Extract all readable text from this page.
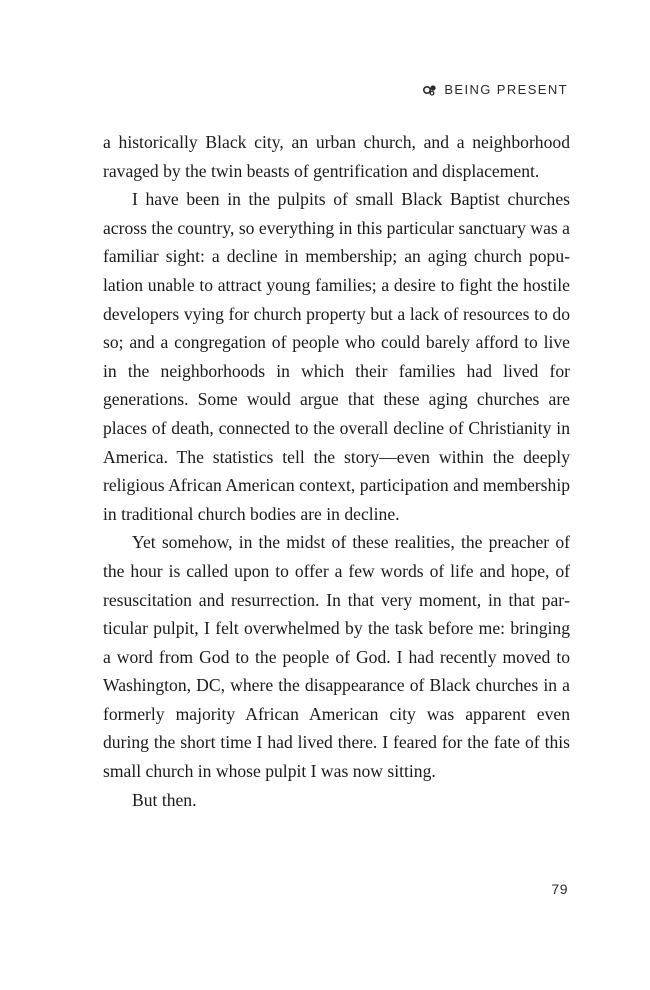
BEING PRESENT

a historically Black city, an urban church, and a neighborhood ravaged by the twin beasts of gentrification and displacement.

I have been in the pulpits of small Black Baptist churches across the country, so everything in this particular sanctuary was a familiar sight: a decline in membership; an aging church population unable to attract young families; a desire to fight the hostile developers vying for church property but a lack of resources to do so; and a congregation of people who could barely afford to live in the neighborhoods in which their families had lived for generations. Some would argue that these aging churches are places of death, connected to the overall decline of Christianity in America. The statistics tell the story—even within the deeply religious African American context, participation and membership in traditional church bodies are in decline.

Yet somehow, in the midst of these realities, the preacher of the hour is called upon to offer a few words of life and hope, of resuscitation and resurrection. In that very moment, in that particular pulpit, I felt overwhelmed by the task before me: bringing a word from God to the people of God. I had recently moved to Washington, DC, where the disappearance of Black churches in a formerly majority African American city was apparent even during the short time I had lived there. I feared for the fate of this small church in whose pulpit I was now sitting.

But then.

79
